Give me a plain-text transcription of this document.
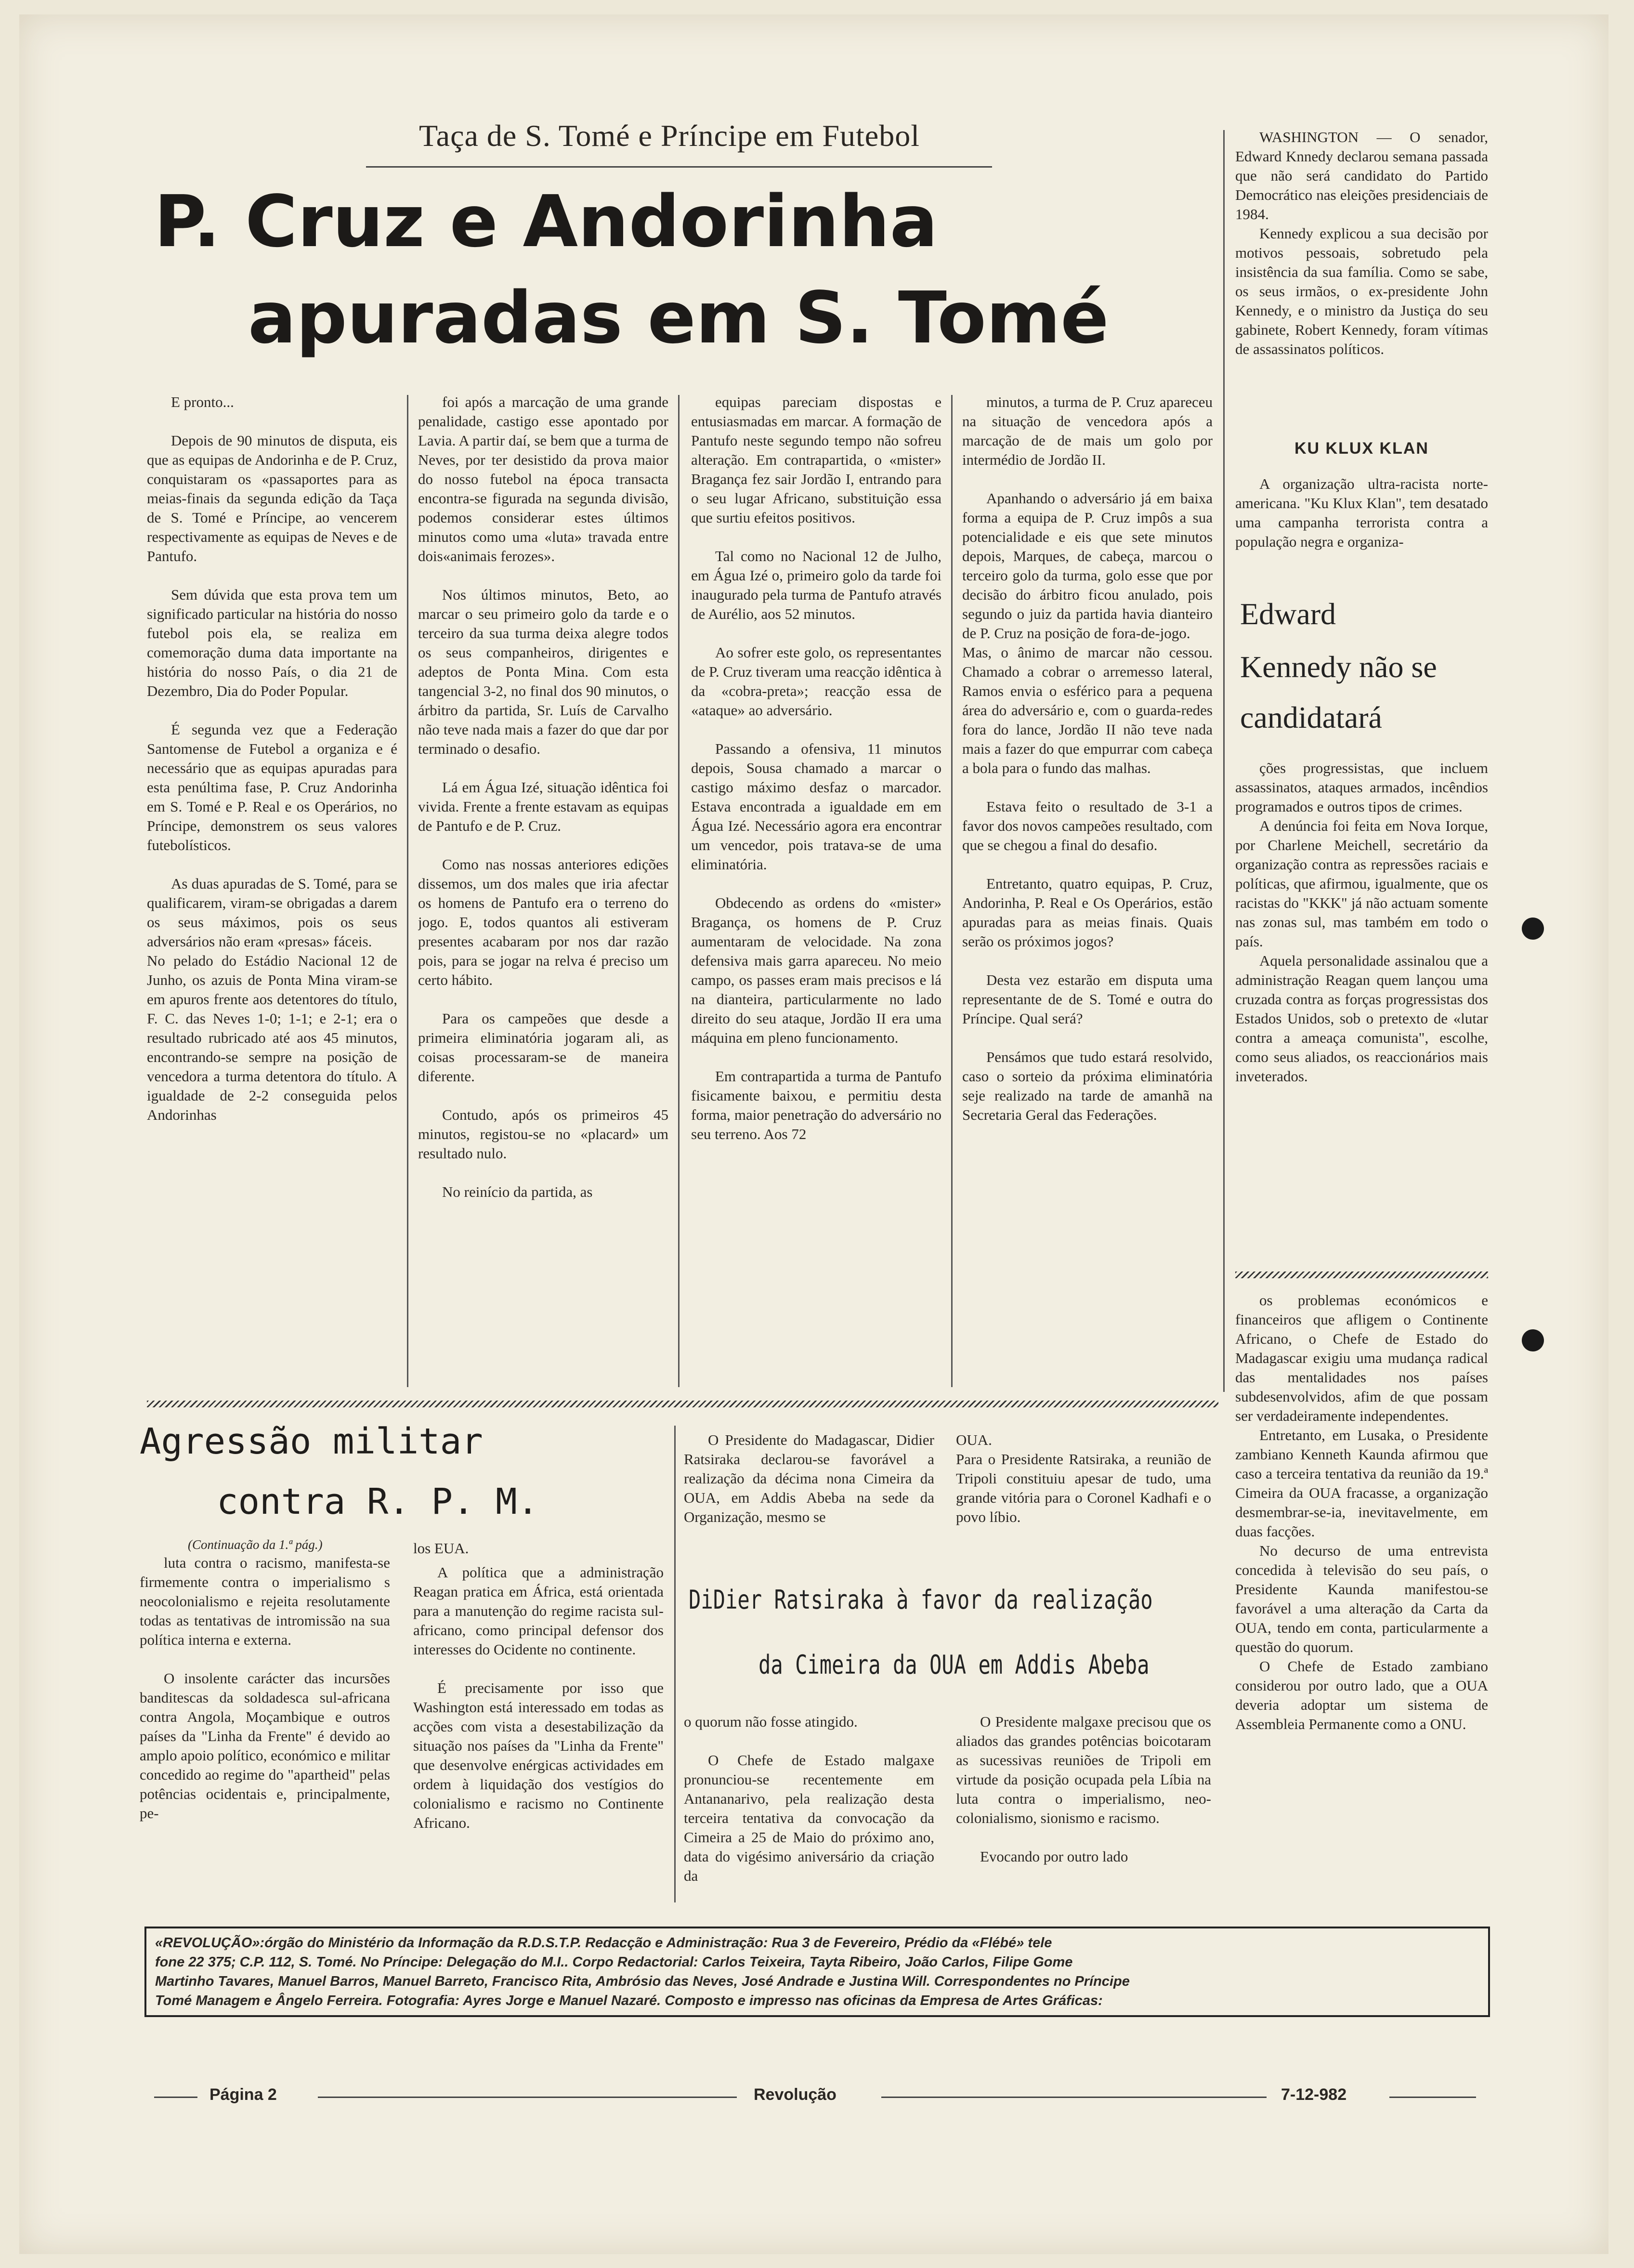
Taça de S. Tomé e Príncipe em Futebol
P. Cruz e Andorinha
apuradas em S. Tomé

E pronto...

Depois de 90 minutos de disputa, eis que as equipas de Andorinha e de P. Cruz, conquistaram os «passaportes para as meias-finais da segunda edição da Taça de S. Tomé e Príncipe, ao vencerem respectivamente as equipas de Neves e de Pantufo.

Sem dúvida que esta prova tem um significado particular na história do nosso futebol pois ela, se realiza em comemoração duma data importante na história do nosso País, o dia 21 de Dezembro, Dia do Poder Popular.

É segunda vez que a Federação Santomense de Futebol a organiza e é necessário que as equipas apuradas para esta penúltima fase, P. Cruz Andorinha em S. Tomé e P. Real e os Operários, no Príncipe, demonstrem os seus valores futebolísticos.

As duas apuradas de S. Tomé, para se qualificarem, viram-se obrigadas a darem os seus máximos, pois os seus adversários não eram «presas» fáceis.
No pelado do Estádio Nacional 12 de Junho, os azuis de Ponta Mina viram-se em apuros frente aos detentores do título, F. C. das Neves 1-0; 1-1; e 2-1; era o resultado rubricado até aos 45 minutos, encontrando-se sempre na posição de vencedora a turma detentora do título. A igualdade de 2-2 conseguida pelos Andorinhas

foi após a marcação de uma grande penalidade, castigo esse apontado por Lavia. A partir daí, se bem que a turma de Neves, por ter desistido da prova maior do nosso futebol na época transacta encontra-se figurada na segunda divisão, podemos considerar estes últimos minutos como uma «luta» travada entre dois«animais ferozes».

Nos últimos minutos, Beto, ao marcar o seu primeiro golo da tarde e o terceiro da sua turma deixa alegre todos os seus companheiros, dirigentes e adeptos de Ponta Mina. Com esta tangencial 3-2, no final dos 90 minutos, o árbitro da partida, Sr. Luís de Carvalho não teve nada mais a fazer do que dar por terminado o desafio.

Lá em Água Izé, situação idêntica foi vivida. Frente a frente estavam as equipas de Pantufo e de P. Cruz.

Como nas nossas anteriores edições dissemos, um dos males que iria afectar os homens de Pantufo era o terreno do jogo. E, todos quantos ali estiveram presentes acabaram por nos dar razão pois, para se jogar na relva é preciso um certo hábito.

Para os campeões que desde a primeira eliminatória jogaram ali, as coisas processaram-se de maneira diferente.

Contudo, após os primeiros 45 minutos, registou-se no «placard» um resultado nulo.

No reinício da partida, as

equipas pareciam dispostas e entusiasmadas em marcar. A formação de Pantufo neste segundo tempo não sofreu alteração. Em contrapartida, o «mister» Bragança fez sair Jordão I, entrando para o seu lugar Africano, substituição essa que surtiu efeitos positivos.

Tal como no Nacional 12 de Julho, em Água Izé o, primeiro golo da tarde foi inaugurado pela turma de Pantufo através de Aurélio, aos 52 minutos.

Ao sofrer este golo, os representantes de P. Cruz tiveram uma reacção idêntica à da «cobra-preta»; reacção essa de «ataque» ao adversário.

Passando a ofensiva, 11 minutos depois, Sousa chamado a marcar o castigo máximo desfaz o marcador. Estava encontrada a igualdade em em Água Izé. Necessário agora era encontrar um vencedor, pois tratava-se de uma eliminatória.

Obdecendo as ordens do «mister» Bragança, os homens de P. Cruz aumentaram de velocidade. Na zona defensiva mais garra apareceu. No meio campo, os passes eram mais precisos e lá na dianteira, particularmente no lado direito do seu ataque, Jordão II era uma máquina em pleno funcionamento.

Em contrapartida a turma de Pantufo fisicamente baixou, e permitiu desta forma, maior penetração do adversário no seu terreno. Aos 72

minutos, a turma de P. Cruz apareceu na situação de vencedora após a marcação de de mais um golo por intermédio de Jordão II.

Apanhando o adversário já em baixa forma a equipa de P. Cruz impôs a sua potencialidade e eis que sete minutos depois, Marques, de cabeça, marcou o terceiro golo da turma, golo esse que por decisão do árbitro ficou anulado, pois segundo o juiz da partida havia dianteiro de P. Cruz na posição de fora-de-jogo.
Mas, o ânimo de marcar não cessou. Chamado a cobrar o arremesso lateral, Ramos envia o esférico para a pequena área do adversário e, com o guarda-redes fora do lance, Jordão II não teve nada mais a fazer do que empurrar com cabeça a bola para o fundo das malhas.

Estava feito o resultado de 3-1 a favor dos novos campeões resultado, com que se chegou a final do desafio.

Entretanto, quatro equipas, P. Cruz, Andorinha, P. Real e Os Operários, estão apuradas para as meias finais. Quais serão os próximos jogos?

Desta vez estarão em disputa uma representante de de S. Tomé e outra do Príncipe. Qual será?

Pensámos que tudo estará resolvido, caso o sorteio da próxima eliminatória seje realizado na tarde de amanhã na Secretaria Geral das Federações.

WASHINGTON — O senador, Edward Knnedy declarou semana passada que não será candidato do Partido Democrático nas eleições presidenciais de 1984.

Kennedy explicou a sua decisão por motivos pessoais, sobretudo pela insistência da sua família. Como se sabe, os seus irmãos, o ex-presidente John Kennedy, e o ministro da Justiça do seu gabinete, Robert Kennedy, foram vítimas de assassinatos políticos.

KU KLUX KLAN

A organização ultra-racista norte-americana. "Ku Klux Klan", tem desatado uma campanha terrorista contra a população negra e organiza-

Edward
Kennedy não se
candidatará

ções progressistas, que incluem assassinatos, ataques armados, incêndios programados e outros tipos de crimes.

A denúncia foi feita em Nova Iorque, por Charlene Meichell, secretário da organização contra as repressões raciais e políticas, que afirmou, igualmente, que os racistas do "KKK" já não actuam somente nas zonas sul, mas também em todo o país.

Aquela personalidade assinalou que a administração Reagan quem lançou uma cruzada contra as forças progressistas dos Estados Unidos, sob o pretexto de «lutar contra a ameaça comunista", escolhe, como seus aliados, os reaccionários mais inveterados.

os problemas económicos e financeiros que afligem o Continente Africano, o Chefe de Estado do Madagascar exigiu uma mudança radical das mentalidades nos países subdesenvolvidos, afim de que possam ser verdadeiramente independentes.

Entretanto, em Lusaka, o Presidente zambiano Kenneth Kaunda afirmou que caso a terceira tentativa da reunião da 19.ª Cimeira da OUA fracasse, a organização desmembrar-se-ia, inevitavelmente, em duas facções.

No decurso de uma entrevista concedida à televisão do seu país, o Presidente Kaunda manifestou-se favorável a uma alteração da Carta da OUA, tendo em conta, particularmente a questão do quorum.

O Chefe de Estado zambiano considerou por outro lado, que a OUA deveria adoptar um sistema de Assembleia Permanente como a ONU.

Agressão militar
contra R. P. M.
(Continuação da 1.ª pág.)

luta contra o racismo, manifesta-se firmemente contra o imperialismo s neocolonialismo e rejeita resolutamente todas as tentativas de intromissão na sua política interna e externa.

O insolente carácter das incursões banditescas da soldadesca sul-africana contra Angola, Moçambique e outros países da "Linha da Frente" é devido ao amplo apoio político, económico e militar concedido ao regime do "apartheid" pelas potências ocidentais e, principalmente, pe-

los EUA.

A política que a administração Reagan pratica em África, está orientada para a manutenção do regime racista sul-africano, como principal defensor dos interesses do Ocidente no continente.

É precisamente por isso que Washington está interessado em todas as acções com vista a desestabilização da situação nos países da "Linha da Frente" que desenvolve enérgicas actividades em ordem à liquidação dos vestígios do colonialismo e racismo no Continente Africano.

O Presidente do Madagascar, Didier Ratsiraka declarou-se favorável a realização da décima nona Cimeira da OUA, em Addis Abeba na sede da Organização, mesmo se

OUA.
Para o Presidente Ratsiraka, a reunião de Tripoli constituiu apesar de tudo, uma grande vitória para o Coronel Kadhafi e o povo líbio.

DiDier Ratsiraka à favor da realização
da Cimeira da OUA em Addis Abeba

o quorum não fosse atingido.

O Chefe de Estado malgaxe pronunciou-se recentemente em Antananarivo, pela realização desta terceira tentativa da convocação da Cimeira a 25 de Maio do próximo ano, data do vigésimo aniversário da criação da

O Presidente malgaxe precisou que os aliados das grandes potências boicotaram as sucessivas reuniões de Tripoli em virtude da posição ocupada pela Líbia na luta contra o imperialismo, neo-colonialismo, sionismo e racismo.

Evocando por outro lado

«REVOLUÇÃO»:órgão do Ministério da Informação da R.D.S.T.P. Redacção e Administração: Rua 3 de Fevereiro, Prédio da «Flébé» tele
fone 22 375; C.P. 112, S. Tomé. No Príncipe: Delegação do M.I.. Corpo Redactorial: Carlos Teixeira, Tayta Ribeiro, João Carlos, Filipe Gome
Martinho Tavares, Manuel Barros, Manuel Barreto, Francisco Rita, Ambrósio das Neves, José Andrade e Justina Will. Correspondentes no Príncipe
Tomé Managem e Ângelo Ferreira. Fotografia: Ayres Jorge e Manuel Nazaré. Composto e impresso nas oficinas da Empresa de Artes Gráficas:
Página 2	Revolução	7-12-982
